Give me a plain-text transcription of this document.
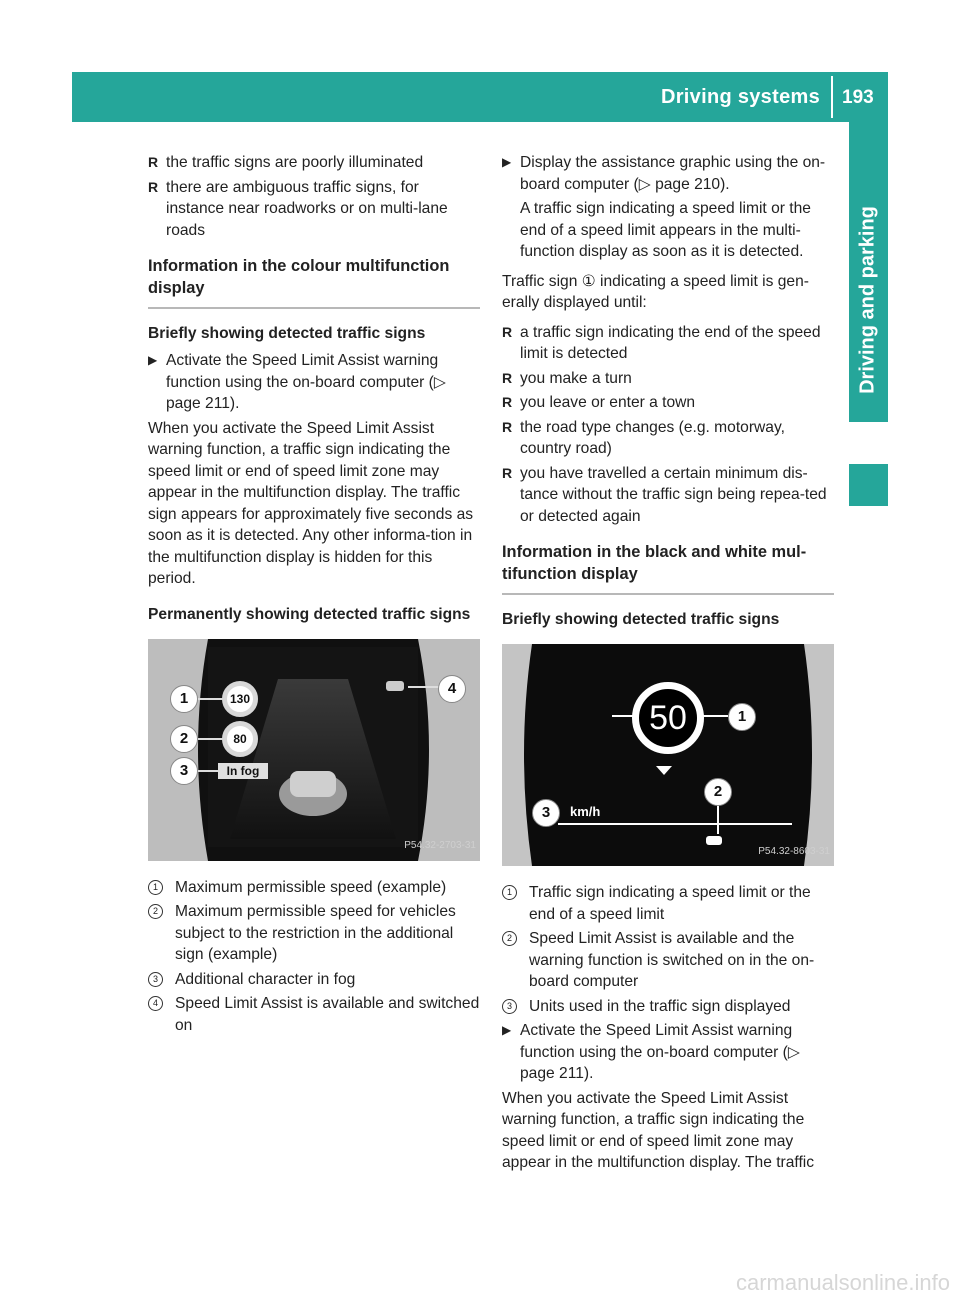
Driving systems 193
Driving and parking
R the traffic signs are poorly illuminated
R there are ambiguous traffic signs, for instance near roadworks or on multi-lane roads
Information in the colour multifunction display
Briefly showing detected traffic signs
▶ Activate the Speed Limit Assist warning function using the on-board computer (▷ page 211).

When you activate the Speed Limit Assist warning function, a traffic sign indicating the speed limit or end of speed limit zone may appear in the multifunction display. The traffic sign appears for approximately five seconds as soon as it is detected. Any other informa-tion in the multifunction display is hidden for this period.

Permanently showing detected traffic signs
130
80
In fog
1
2
3
4
P54.32-2703-31
1	Maximum permissible speed (example)
2	Maximum permissible speed for vehicles subject to the restriction in the additional sign (example)
3	Additional character in fog
4	Speed Limit Assist is available and switched on
▶ Display the assistance graphic using the on-board computer (▷ page 210).

A traffic sign indicating a speed limit or the end of a speed limit appears in the multi-function display as soon as it is detected.

Traffic sign ① indicating a speed limit is gen-erally displayed until:

R a traffic sign indicating the end of the speed limit is detected
R you make a turn
R you leave or enter a town
R the road type changes (e.g. motorway, country road)
R you have travelled a certain minimum dis-tance without the traffic sign being repea-ted or detected again
Information in the black and white mul-tifunction display
Briefly showing detected traffic signs
50
km/h
1
2
3
P54.32-8603-31
1	Traffic sign indicating a speed limit or the end of a speed limit
2	Speed Limit Assist is available and the warning function is switched on in the on-board computer
3	Units used in the traffic sign displayed
▶ Activate the Speed Limit Assist warning function using the on-board computer (▷ page 211).

When you activate the Speed Limit Assist warning function, a traffic sign indicating the speed limit or end of speed limit zone may appear in the multifunction display. The traffic

carmanualsonline.info
